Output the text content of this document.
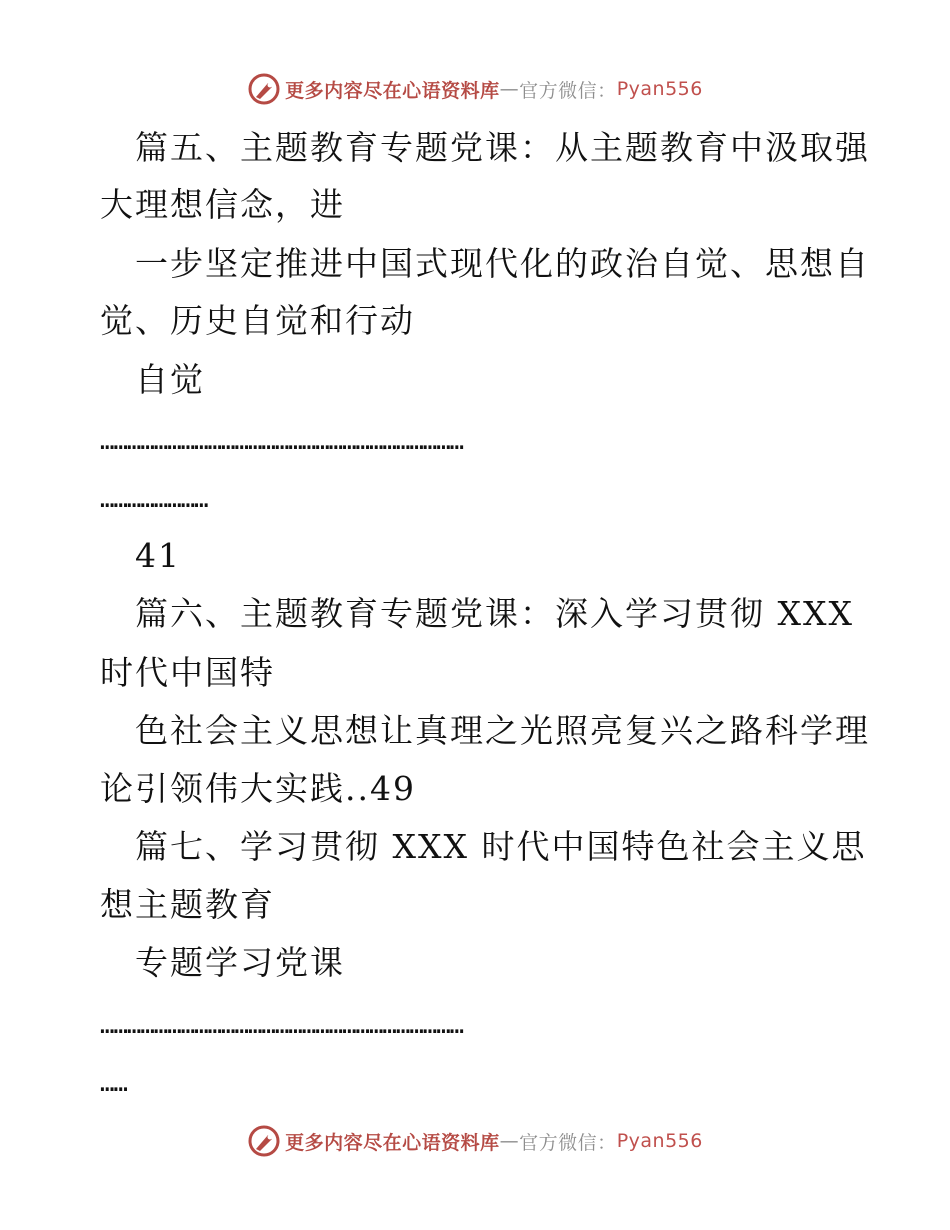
更多内容尽在心语资料库 — 官方微信： Pyan556
篇五、主题教育专题党课：从主题教育中汲取强
大理想信念，进
一步坚定推进中国式现代化的政治自觉、思想自
觉、历史自觉和行动
自觉
………………………………………………………………………
……………………
41
篇六、主题教育专题党课：深入学习贯彻 XXX
时代中国特
色社会主义思想让真理之光照亮复兴之路科学理
论引领伟大实践..49
篇七、学习贯彻 XXX 时代中国特色社会主义思
想主题教育
专题学习党课
………………………………………………………………………
……
更多内容尽在心语资料库 — 官方微信： Pyan556
